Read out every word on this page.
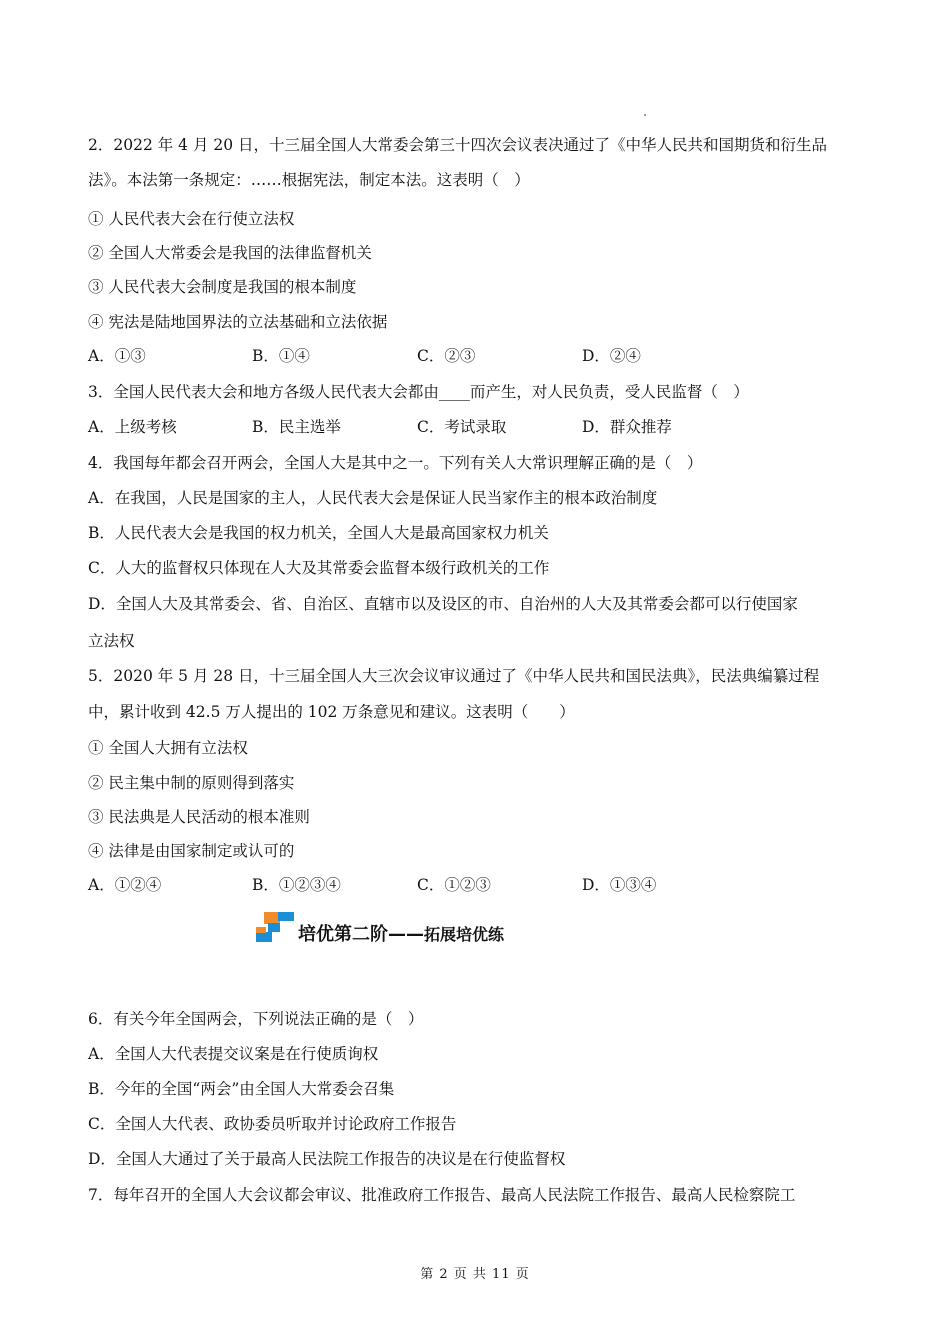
2．2022 年 4 月 20 日，十三届全国人大常委会第三十四次会议表决通过了《中华人民共和国期货和衍生品
法》。本法第一条规定：……根据宪法，制定本法。这表明（　）
① 人民代表大会在行使立法权
② 全国人大常委会是我国的法律监督机关
③ 人民代表大会制度是我国的根本制度
④ 宪法是陆地国界法的立法基础和立法依据
A．①③	B．①④	C．②③	D．②④
3．全国人民代表大会和地方各级人民代表大会都由____而产生，对人民负责，受人民监督（　）
A．上级考核	B．民主选举	C．考试录取	D．群众推荐
4．我国每年都会召开两会，全国人大是其中之一。下列有关人大常识理解正确的是（　）
A．在我国，人民是国家的主人，人民代表大会是保证人民当家作主的根本政治制度
B．人民代表大会是我国的权力机关，全国人大是最高国家权力机关
C．人大的监督权只体现在人大及其常委会监督本级行政机关的工作
D．全国人大及其常委会、省、自治区、直辖市以及设区的市、自治州的人大及其常委会都可以行使国家
立法权
5．2020 年 5 月 28 日，十三届全国人大三次会议审议通过了《中华人民共和国民法典》，民法典编纂过程
中，累计收到 42.5 万人提出的 102 万条意见和建议。这表明（　　）
① 全国人大拥有立法权
② 民主集中制的原则得到落实
③ 民法典是人民活动的根本准则
④ 法律是由国家制定或认可的
A．①②④	B．①②③④	C．①②③	D．①③④
培优第二阶——拓展培优练
6．有关今年全国两会，下列说法正确的是（　）
A．全国人大代表提交议案是在行使质询权
B．今年的全国“两会”由全国人大常委会召集
C．全国人大代表、政协委员听取并讨论政府工作报告
D．全国人大通过了关于最高人民法院工作报告的决议是在行使监督权
7．每年召开的全国人大会议都会审议、批准政府工作报告、最高人民法院工作报告、最高人民检察院工
第 2 页 共 11 页
